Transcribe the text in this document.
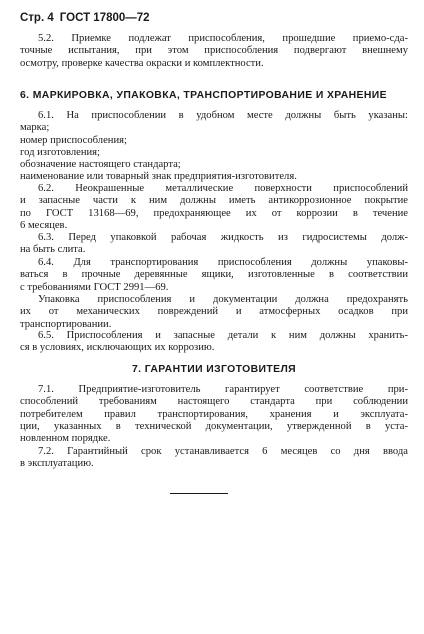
Стр. 4 ГОСТ 17800—72
5.2. Приемке подлежат приспособления, прошедшие приемо-сда-
точные испытания, при этом приспособления подвергают внешнему
осмотру, проверке качества окраски и комплектности.
6. МАРКИРОВКА, УПАКОВКА, ТРАНСПОРТИРОВАНИЕ И ХРАНЕНИЕ
6.1. На приспособлении в удобном месте должны быть указаны:
марка;
номер приспособления;
год изготовления;
обозначение настоящего стандарта;
наименование или товарный знак предприятия-изготовителя.
6.2. Неокрашенные металлические поверхности приспособлений
и запасные части к ним должны иметь антикоррозионное покрытие
по ГОСТ 13168—69, предохраняющее их от коррозии в течение
6 месяцев.
6.3. Перед упаковкой рабочая жидкость из гидросистемы долж-
на быть слита.
6.4. Для транспортирования приспособления должны упаковы-
ваться в прочные деревянные ящики, изготовленные в соответствии
с требованиями ГОСТ 2991—69.
Упаковка приспособления и документации должна предохранять
их от механических повреждений и атмосферных осадков при
транспортировании.
6.5. Приспособления и запасные детали к ним должны хранить-
ся в условиях, исключающих их коррозию.
7. ГАРАНТИИ ИЗГОТОВИТЕЛЯ
7.1. Предприятие-изготовитель гарантирует соответствие при-
способлений требованиям настоящего стандарта при соблюдении
потребителем правил транспортирования, хранения и эксплуата-
ции, указанных в технической документации, утвержденной в уста-
новленном порядке.
7.2. Гарантийный срок устанавливается 6 месяцев со дня ввода
в эксплуатацию.
